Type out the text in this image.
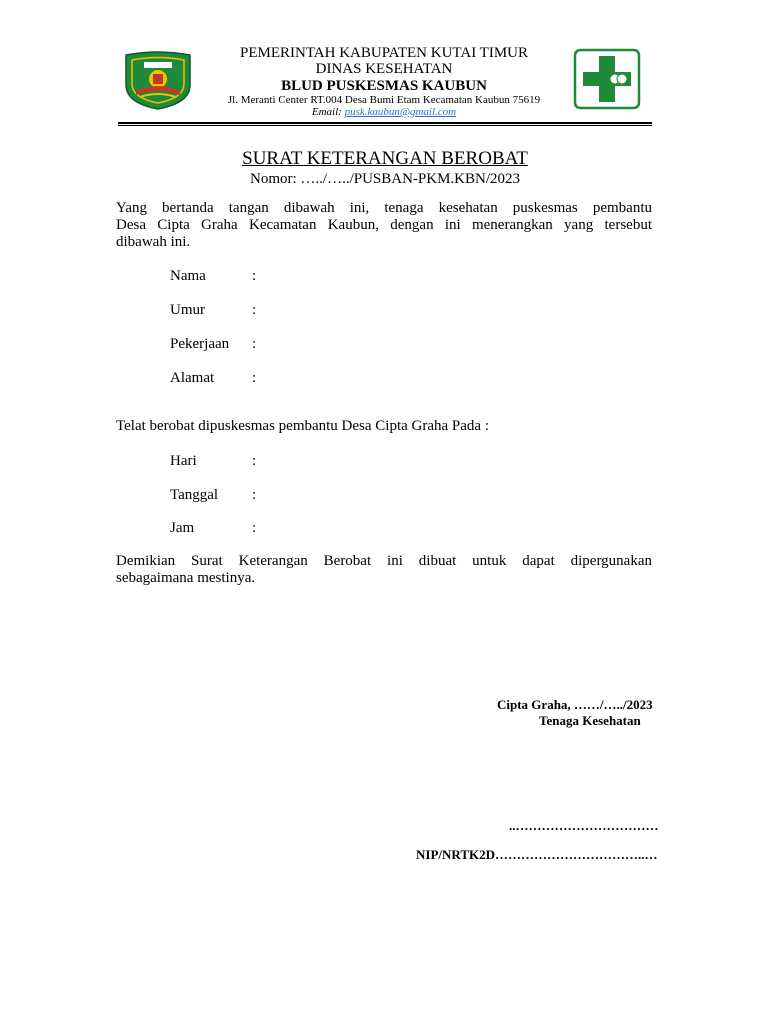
PEMERINTAH KABUPATEN KUTAI TIMUR
DINAS KESEHATAN
BLUD PUSKESMAS KAUBUN
Jl. Meranti Center RT.004 Desa Bumi Etam Kecamatan Kaubun 75619
Email: pusk.kaubun@gmail.com
SURAT KETERANGAN BEROBAT
Nomor: …../…../PUSBAN-PKM.KBN/2023
Yang bertanda tangan dibawah ini, tenaga kesehatan puskesmas pembantu
Desa Cipta Graha Kecamatan Kaubun, dengan ini menerangkan yang tersebut
dibawah ini.
Nama	:
Umur	:
Pekerjaan :
Alamat	:
Telat berobat dipuskesmas pembantu Desa Cipta Graha Pada :
Hari	:
Tanggal :
Jam	:
Demikian Surat Keterangan Berobat ini dibuat untuk dapat dipergunakan
sebagaimana mestinya.
Cipta Graha, ……/…../2023
Tenaga Kesehatan
..……………………………
NIP/NRTK2D……………………………..…
